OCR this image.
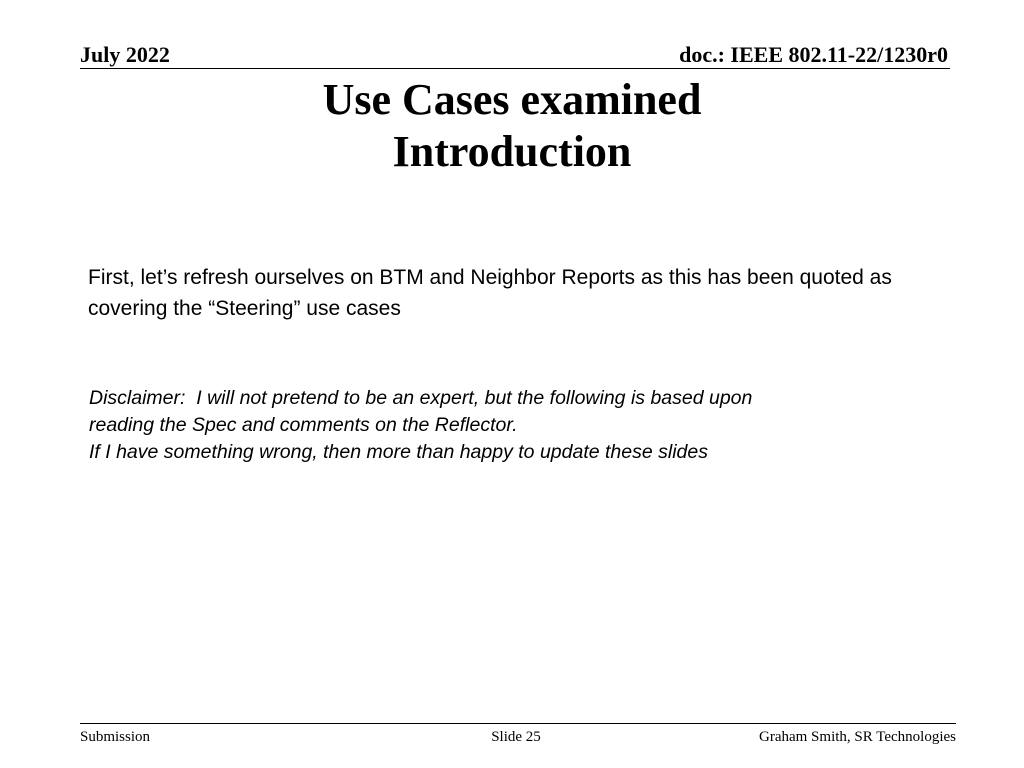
July 2022	doc.: IEEE 802.11-22/1230r0
Use Cases examined
Introduction
First, let’s refresh ourselves on BTM and Neighbor Reports as this has been quoted as covering the “Steering” use cases
Disclaimer:  I will not pretend to be an expert, but the following is based upon
reading the Spec and comments on the Reflector.
If I have something wrong, then more than happy to update these slides
Submission	Slide 25	Graham Smith, SR Technologies
